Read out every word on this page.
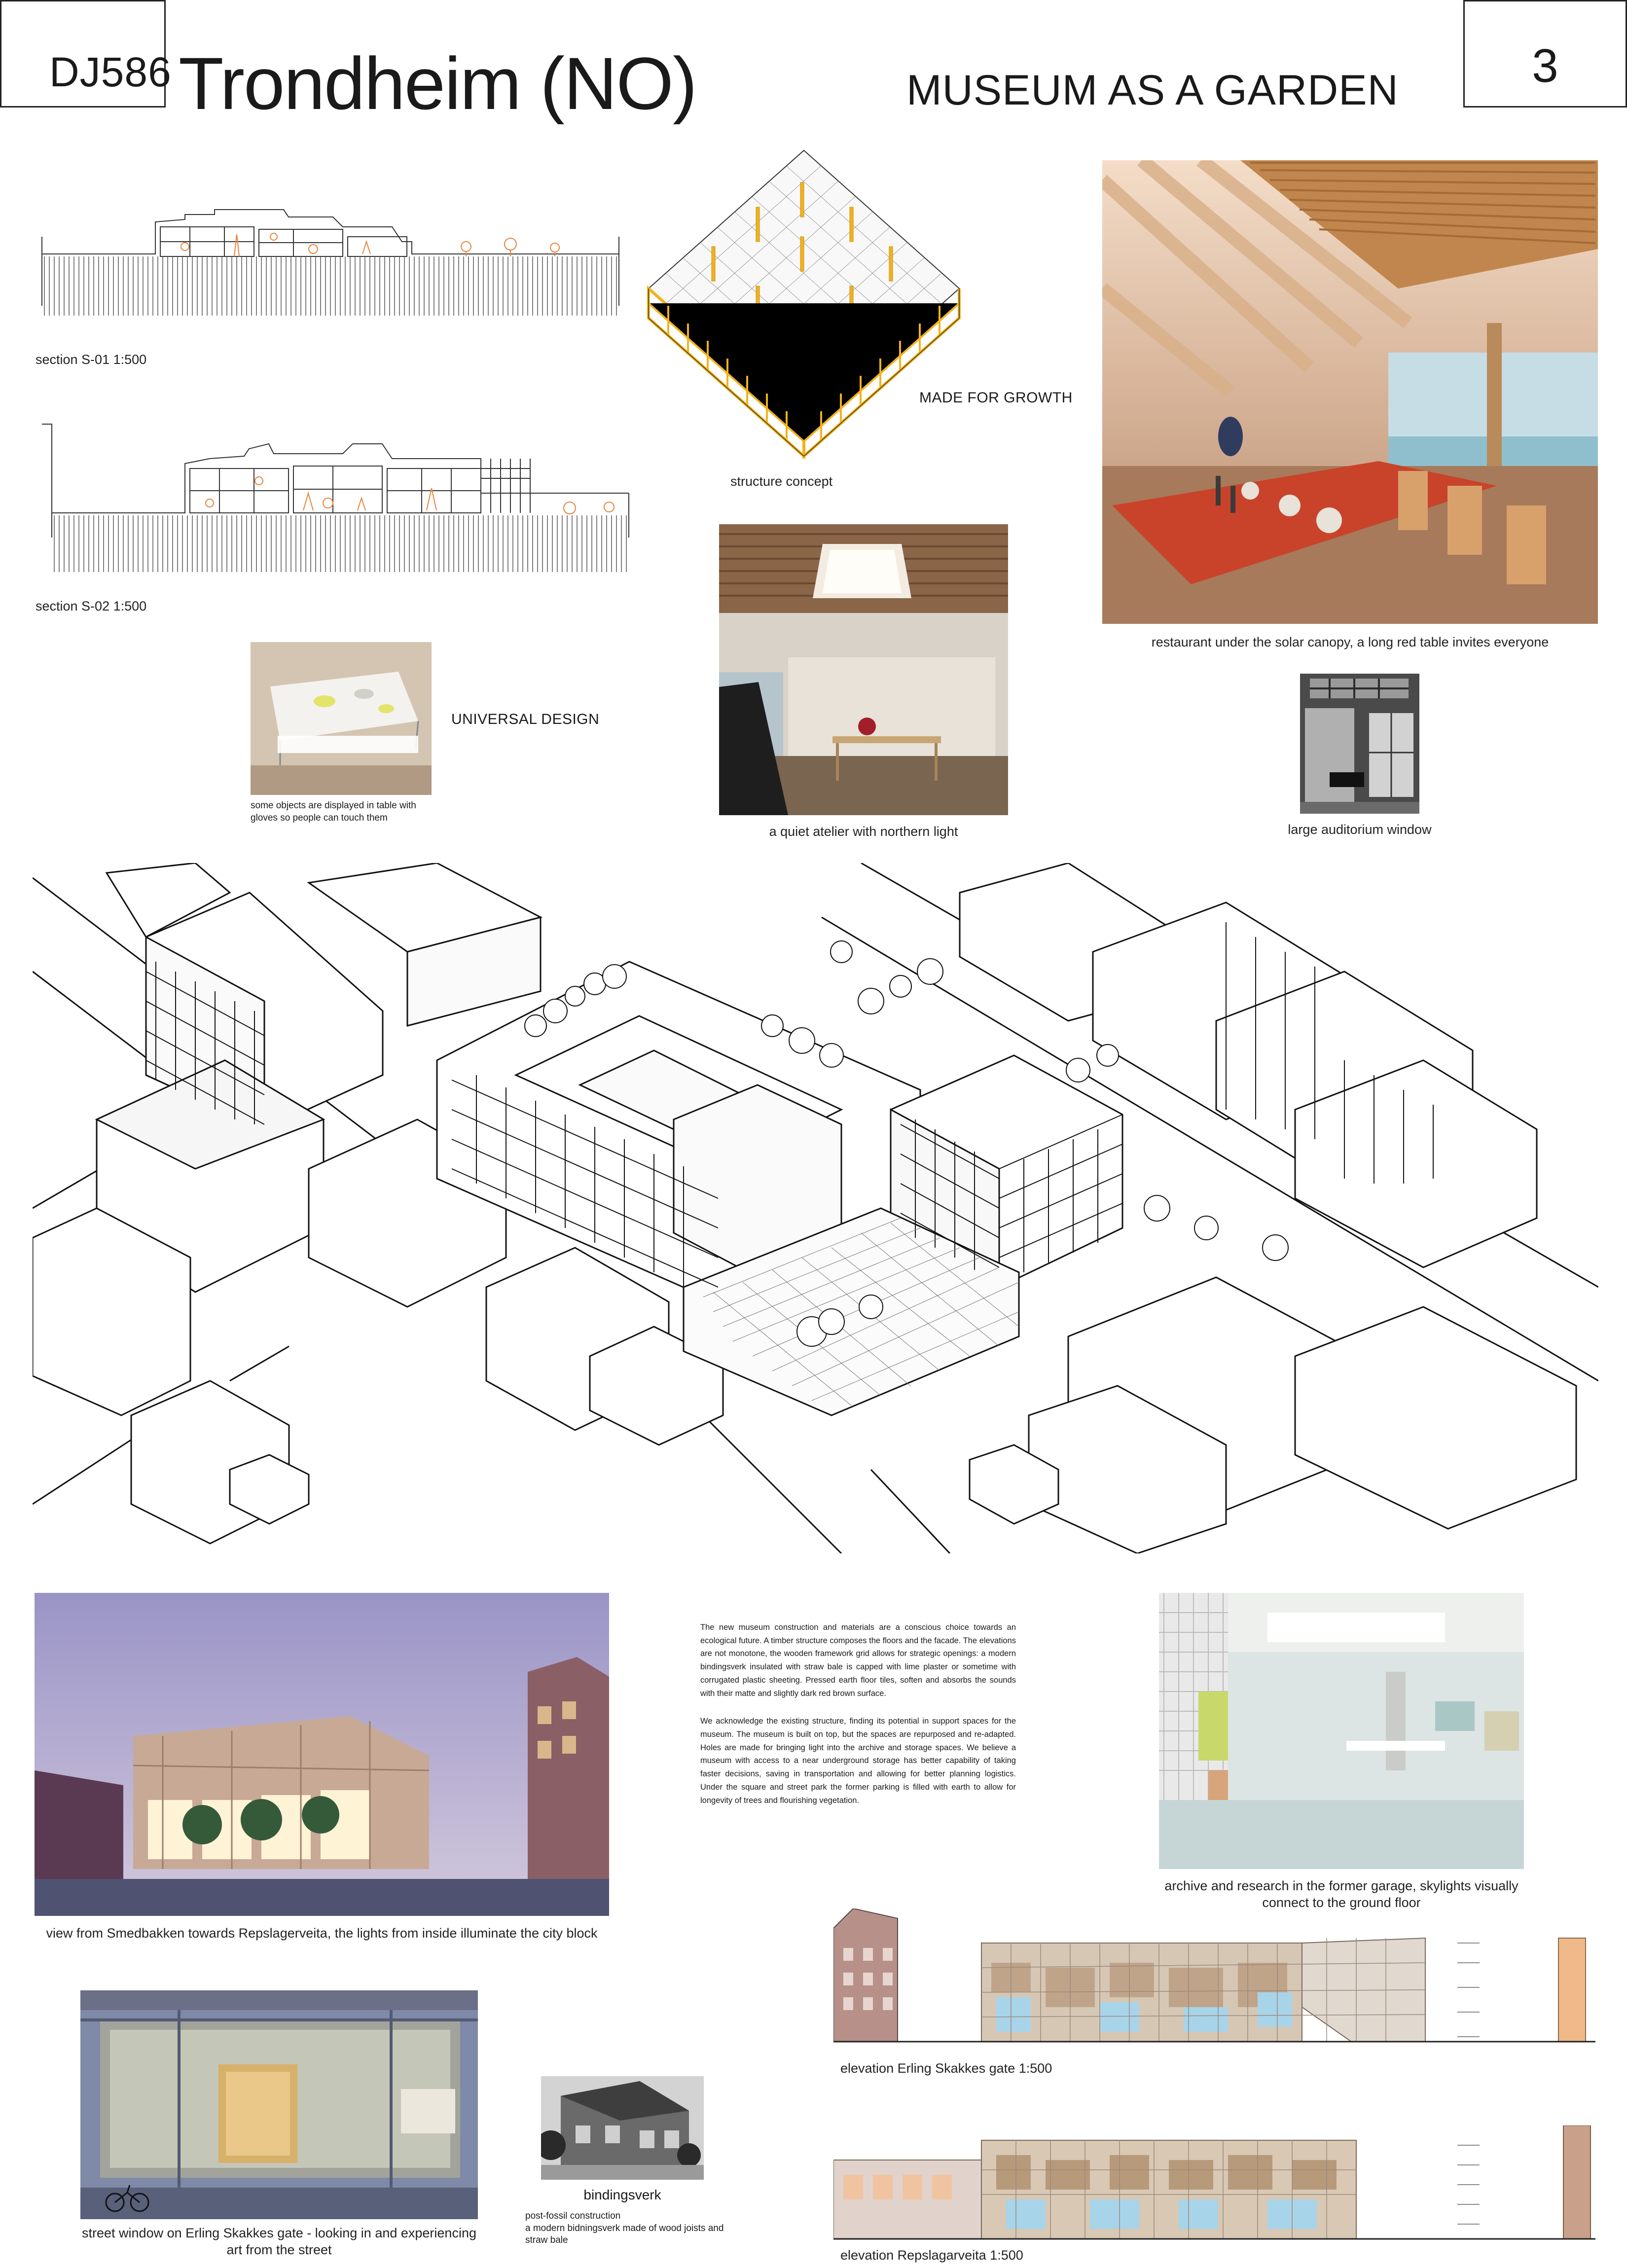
DJ586 Trondheim (NO)	MUSEUM AS A GARDEN	3
section S-01 1:500
section S-02 1:500
structure concept
MADE FOR GROWTH
restaurant under the solar canopy, a long red table invites everyone
UNIVERSAL DESIGN
some objects are displayed in table with gloves so people can touch them
a quiet atelier with northern light	large auditorium window
view from Smedbakken towards Repslagerveita, the lights from inside illuminate the city block

The new museum construction and materials are a conscious choice towards an ecological future. A timber structure composes the floors and the facade. The elevations are not monotone, the wooden framework grid allows for strategic openings: a modern bindingsverk insulated with straw bale is capped with lime plaster or sometime with corrugated plastic sheeting. Pressed earth floor tiles, soften and absorbs the sounds with their matte and slightly dark red brown surface.

We acknowledge the existing structure, finding its potential in support spaces for the museum. The museum is built on top, but the spaces are repurposed and re-adapted. Holes are made for bringing light into the archive and storage spaces. We believe a museum with access to a near underground storage has better capability of taking faster decisions, saving in transportation and allowing for better planning logistics. Under the square and street park the former parking is filled with earth to allow for longevity of trees and flourishing vegetation.

archive and research in the former garage, skylights visually connect to the ground floor
street window on Erling Skakkes gate - looking in and experiencing art from the street
bindingsverk
post-fossil construction
a modern bidningsverk made of wood joists and straw bale
elevation Erling Skakkes gate 1:500
elevation Repslagarveita 1:500
